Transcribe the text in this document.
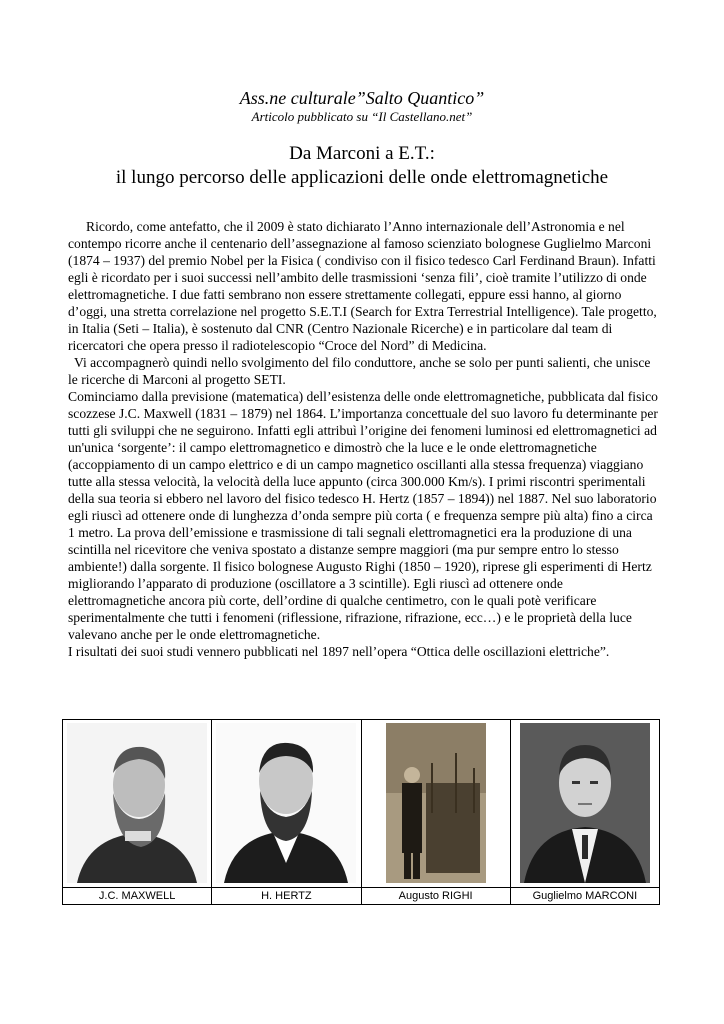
Ass.ne culturale”Salto Quantico”
Articolo pubblicato su “Il Castellano.net”
Da Marconi a E.T.:
il lungo percorso delle applicazioni delle onde elettromagnetiche

Ricordo, come antefatto, che il 2009 è stato dichiarato l’Anno internazionale dell’Astronomia e nel contempo ricorre anche il centenario dell’assegnazione al famoso scienziato bolognese Guglielmo Marconi (1874 – 1937) del premio Nobel per la Fisica ( condiviso con il fisico tedesco Carl Ferdinand Braun). Infatti egli è ricordato per i suoi successi nell’ambito delle trasmissioni ‘senza fili’, cioè tramite l’utilizzo di onde elettromagnetiche. I due fatti sembrano non essere strettamente collegati, eppure essi hanno, al giorno d’oggi, una stretta correlazione nel progetto S.E.T.I (Search for Extra Terrestrial Intelligence). Tale progetto, in Italia (Seti – Italia), è sostenuto dal CNR (Centro Nazionale Ricerche) e in particolare dal team di ricercatori che opera presso il radiotelescopio “Croce del Nord” di Medicina.

Vi accompagnerò quindi nello svolgimento del filo conduttore, anche se solo per punti salienti, che unisce le ricerche di Marconi al progetto SETI.

Cominciamo dalla previsione (matematica) dell’esistenza delle onde elettromagnetiche, pubblicata dal fisico scozzese J.C. Maxwell (1831 – 1879) nel 1864. L’importanza concettuale del suo lavoro fu determinante per tutti gli sviluppi che ne seguirono. Infatti egli attribuì l’origine dei fenomeni luminosi ed elettromagnetici ad un'unica ‘sorgente’: il campo elettromagnetico e dimostrò che la luce e le onde elettromagnetiche (accoppiamento di un campo elettrico e di un campo magnetico oscillanti alla stessa frequenza) viaggiano tutte alla stessa velocità, la velocità della luce appunto (circa 300.000 Km/s). I primi riscontri sperimentali della sua teoria si ebbero nel lavoro del fisico tedesco H. Hertz (1857 – 1894)) nel 1887. Nel suo laboratorio egli riuscì ad ottenere onde di lunghezza d’onda sempre più corta ( e frequenza sempre più alta) fino a circa 1 metro. La prova dell’emissione e trasmissione di tali segnali elettromagnetici era la produzione di una scintilla nel ricevitore che veniva spostato a distanze sempre maggiori (ma pur sempre entro lo stesso ambiente!) dalla sorgente. Il fisico bolognese Augusto Righi (1850 – 1920), riprese gli esperimenti di Hertz migliorando l’apparato di produzione (oscillatore a 3 scintille). Egli riuscì ad ottenere onde elettromagnetiche ancora più corte, dell’ordine di qualche centimetro, con le quali potè verificare sperimentalmente che tutti i fenomeni (riflessione, rifrazione, rifrazione, ecc…) e le proprietà della luce valevano anche per le onde elettromagnetiche.

I risultati dei suoi studi vennero pubblicati nel 1897 nell’opera “Ottica delle oscillazioni elettriche”.

J.C. MAXWELL	H. HERTZ	Augusto RIGHI	Guglielmo MARCONI
